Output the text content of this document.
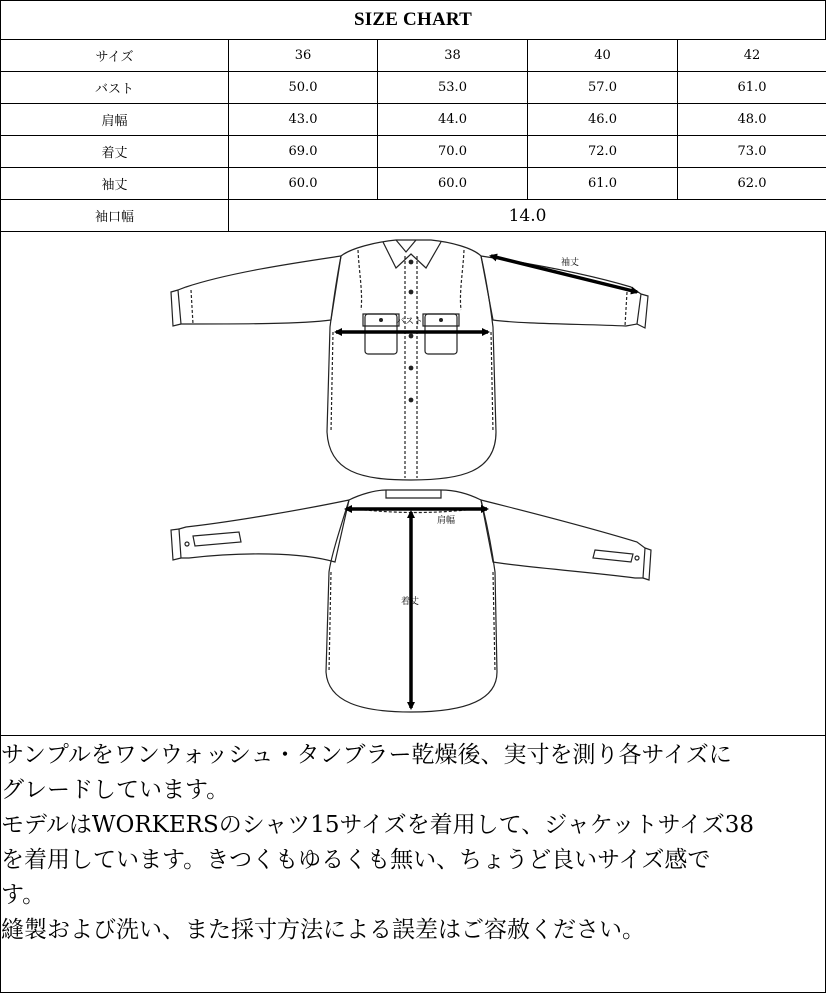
SIZE CHART
サイズ	36	38	40	42
バスト	50.0	53.0	57.0	61.0
肩幅	43.0	44.0	46.0	48.0
着丈	69.0	70.0	72.0	73.0
袖丈	60.0	60.0	61.0	62.0
袖口幅	14.0			
袖丈
バスト
肩幅
着丈

サンプルをワンウォッシュ・タンブラー乾燥後、実寸を測り各サイズに

グレードしています。

モデルはWORKERSのシャツ15サイズを着用して、ジャケットサイズ38

を着用しています。きつくもゆるくも無い、ちょうど良いサイズ感で

す。

縫製および洗い、また採寸方法による誤差はご容赦ください。
